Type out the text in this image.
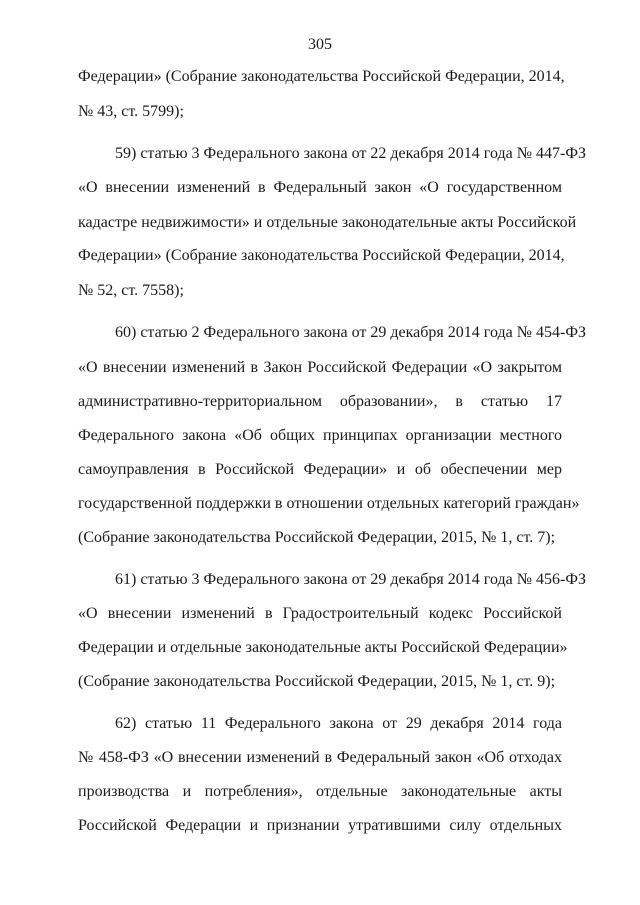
305
Федерации» (Собрание законодательства Российской Федерации, 2014,
№ 43, ст. 5799);
59) статью 3 Федерального закона от 22 декабря 2014 года № 447-ФЗ
«О внесении изменений в Федеральный закон «О государственном
кадастре недвижимости» и отдельные законодательные акты Российской
Федерации» (Собрание законодательства Российской Федерации, 2014,
№ 52, ст. 7558);
60) статью 2 Федерального закона от 29 декабря 2014 года № 454-ФЗ
«О внесении изменений в Закон Российской Федерации «О закрытом
административно-территориальном образовании», в статью 17
Федерального закона «Об общих принципах организации местного
самоуправления в Российской Федерации» и об обеспечении мер
государственной поддержки в отношении отдельных категорий граждан»
(Собрание законодательства Российской Федерации, 2015, № 1, ст. 7);
61) статью 3 Федерального закона от 29 декабря 2014 года № 456-ФЗ
«О внесении изменений в Градостроительный кодекс Российской
Федерации и отдельные законодательные акты Российской Федерации»
(Собрание законодательства Российской Федерации, 2015, № 1, ст. 9);
62) статью 11 Федерального закона от 29 декабря 2014 года
№ 458-ФЗ «О внесении изменений в Федеральный закон «Об отходах
производства и потребления», отдельные законодательные акты
Российской Федерации и признании утратившими силу отдельных
